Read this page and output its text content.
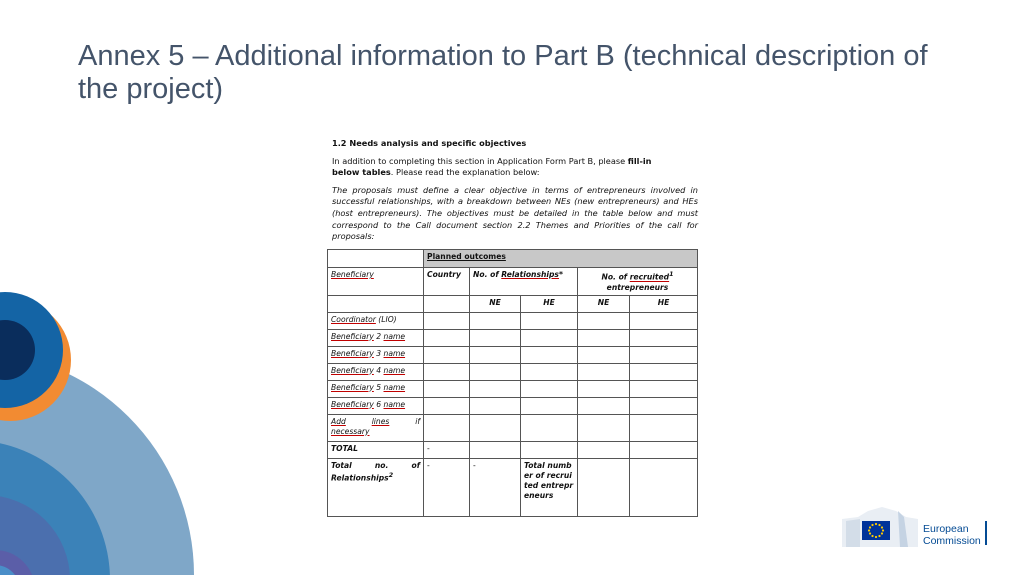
Annex 5 – Additional information to Part B (technical description of the project)
1.2 Needs analysis and specific objectives

In addition to completing this section in Application Form Part B, please fill-in
below tables. Please read the explanation below:

The proposals must define a clear objective in terms of entrepreneurs involved in successful relationships, with a breakdown between NEs (new entrepreneurs) and HEs (host entrepreneurs). The objectives must be detailed in the table below and must correspond to the Call document section 2.2 Themes and Priorities of the call for proposals:

	Planned outcomes				
Beneficiary	Country	No. of Relationships*		No. of recruited$^1$
entrepreneurs	
		NE	HE	NE	HE
Coordinator (LIO)					
Beneficiary 2 name					
Beneficiary 3 name					
Beneficiary 4 name					
Beneficiary 5 name					
Beneficiary 6 name					

Add lines if
necessary					
TOTAL	-				
Total no. of Relationships$^2$	-	-	Total number of recruited entrepreneurs		
European
Commission
